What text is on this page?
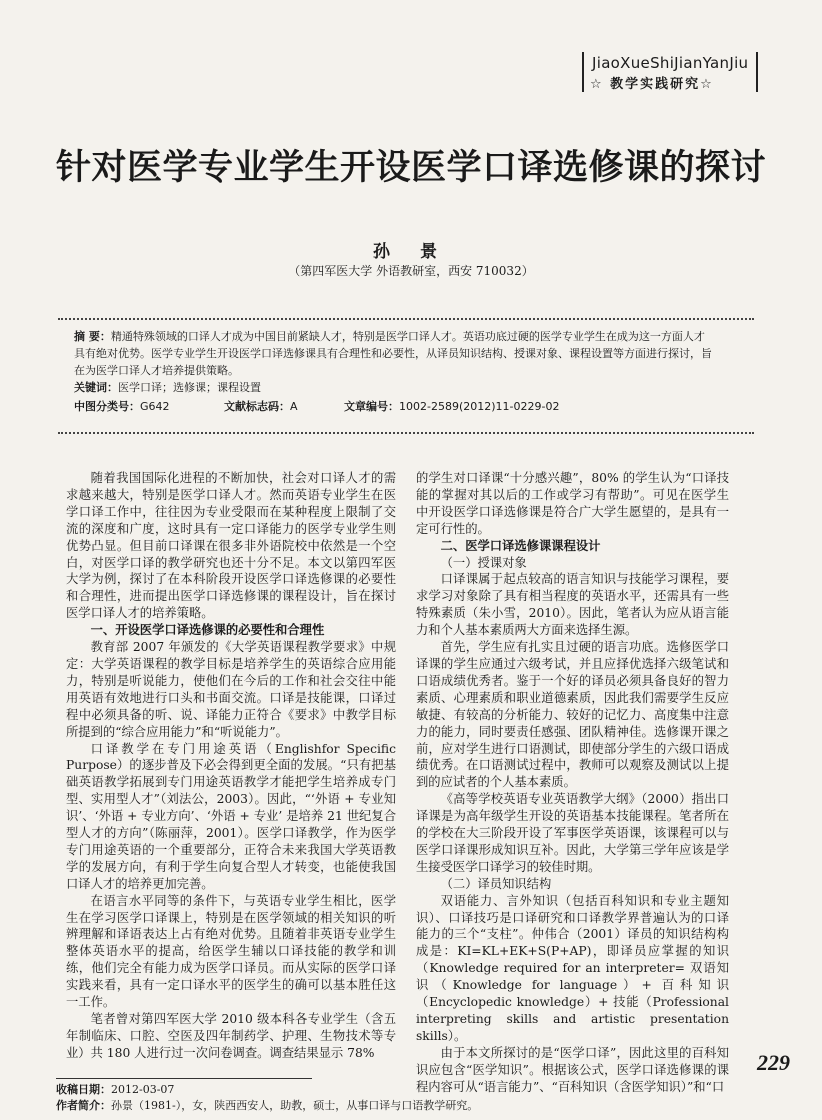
JiaoXueShiJianYanJiu
☆ 教学实践研究☆
针对医学专业学生开设医学口译选修课的探讨
孙 景
（第四军医大学 外语教研室，西安 710032）
摘 要：精通特殊领域的口译人才成为中国目前紧缺人才，特别是医学口译人才。英语功底过硬的医学专业学生在成为这一方面人才具有绝对优势。医学专业学生开设医学口译选修课具有合理性和必要性，从译员知识结构、授课对象、课程设置等方面进行探讨，旨在为医学口译人才培养提供策略。
关键词：医学口译；选修课；课程设置
中图分类号：G642	文献标志码：A	文章编号：1002-2589(2012)11-0229-02

随着我国国际化进程的不断加快，社会对口译人才的需求越来越大，特别是医学口译人才。然而英语专业学生在医学口译工作中，往往因为专业受限而在某种程度上限制了交流的深度和广度，这时具有一定口译能力的医学专业学生则优势凸显。但目前口译课在很多非外语院校中依然是一个空白，对医学口译的教学研究也还十分不足。本文以第四军医大学为例，探讨了在本科阶段开设医学口译选修课的必要性和合理性，进而提出医学口译选修课的课程设计，旨在探讨医学口译人才的培养策略。

一、开设医学口译选修课的必要性和合理性

教育部 2007 年颁发的《大学英语课程教学要求》中规定：大学英语课程的教学目标是培养学生的英语综合应用能力，特别是听说能力，使他们在今后的工作和社会交往中能用英语有效地进行口头和书面交流。口译是技能课，口译过程中必须具备的听、说、译能力正符合《要求》中教学目标所提到的“综合应用能力”和“听说能力”。

口译教学在专门用途英语（Englishfor Specific Purpose）的逐步普及下必会得到更全面的发展。“只有把基础英语教学拓展到专门用途英语教学才能把学生培养成专门型、实用型人才”（刘法公，2003）。因此，“‘外语 + 专业知识’、‘外语 + 专业方向’、‘外语 + 专业’ 是培养 21 世纪复合型人才的方向”（陈丽萍，2001）。医学口译教学，作为医学专门用途英语的一个重要部分，正符合未来我国大学英语教学的发展方向，有利于学生向复合型人才转变，也能使我国口译人才的培养更加完善。

在语言水平同等的条件下，与英语专业学生相比，医学生在学习医学口译课上，特别是在医学领域的相关知识的听辨理解和译语表达上占有绝对优势。且随着非英语专业学生整体英语水平的提高，给医学生辅以口译技能的教学和训练，他们完全有能力成为医学口译员。而从实际的医学口译实践来看，具有一定口译水平的医学生的确可以基本胜任这一工作。

笔者曾对第四军医大学 2010 级本科各专业学生（含五年制临床、口腔、空医及四年制药学、护理、生物技术等专业）共 180 人进行过一次问卷调查。调查结果显示 78%

的学生对口译课“十分感兴趣”，80% 的学生认为“口译技能的掌握对其以后的工作或学习有帮助”。可见在医学生中开设医学口译选修课是符合广大学生愿望的，是具有一定可行性的。

二、医学口译选修课课程设计

（一）授课对象

口译课属于起点较高的语言知识与技能学习课程，要求学习对象除了具有相当程度的英语水平，还需具有一些特殊素质（朱小雪，2010）。因此，笔者认为应从语言能力和个人基本素质两大方面来选择生源。

首先，学生应有扎实且过硬的语言功底。选修医学口译课的学生应通过六级考试，并且应择优选择六级笔试和口语成绩优秀者。鉴于一个好的译员必须具备良好的智力素质、心理素质和职业道德素质，因此我们需要学生反应敏捷、有较高的分析能力、较好的记忆力、高度集中注意力的能力，同时要责任感强、团队精神佳。选修课开课之前，应对学生进行口语测试，即使部分学生的六级口语成绩优秀。在口语测试过程中，教师可以观察及测试以上提到的应试者的个人基本素质。

《高等学校英语专业英语教学大纲》（2000）指出口译课是为高年级学生开设的英语基本技能课程。笔者所在的学校在大三阶段开设了军事医学英语课，该课程可以与医学口译课形成知识互补。因此，大学第三学年应该是学生接受医学口译学习的较佳时期。

（二）译员知识结构

双语能力、言外知识（包括百科知识和专业主题知识）、口译技巧是口译研究和口译教学界普遍认为的口译能力的三个“支柱”。仲伟合（2001）译员的知识结构构成是：KI=KL+EK+S(P+AP)，即译员应掌握的知识（Knowledge required for an interpreter= 双语知识（Knowledge for language）+ 百科知识（Encyclopedic knowledge）+ 技能（Professional interpreting skills and artistic presentation skills）。

由于本文所探讨的是“医学口译”，因此这里的百科知识应包含“医学知识”。根据该公式，医学口译选修课的课程内容可从“语言能力”、“百科知识（含医学知识）”和“口

229
收稿日期：2012-03-07
作者简介：孙景（1981-），女，陕西西安人，助教，硕士，从事口译与口语教学研究。
